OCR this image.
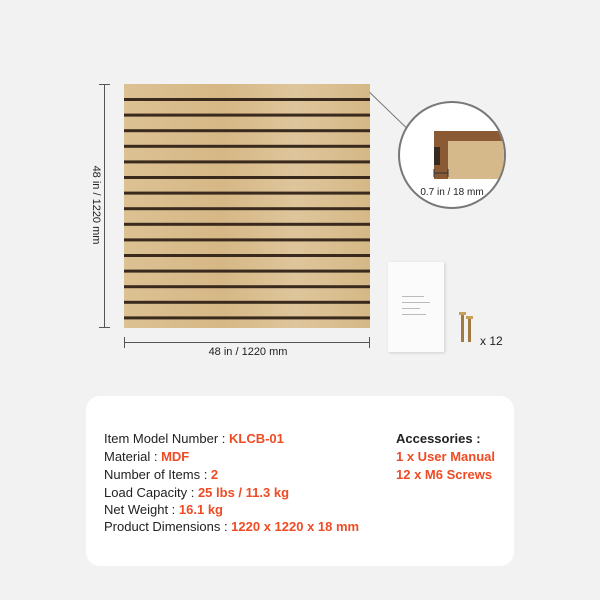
48 in / 1220 mm
48 in / 1220 mm
0.7 in / 18 mm
x 12
Item Model Number : KLCB-01
Material : MDF
Number of Items : 2
Load Capacity : 25 lbs / 11.3 kg
Net Weight : 16.1 kg
Product Dimensions : 1220 x 1220 x 18 mm
Accessories :
1 x User Manual
12 x M6 Screws
